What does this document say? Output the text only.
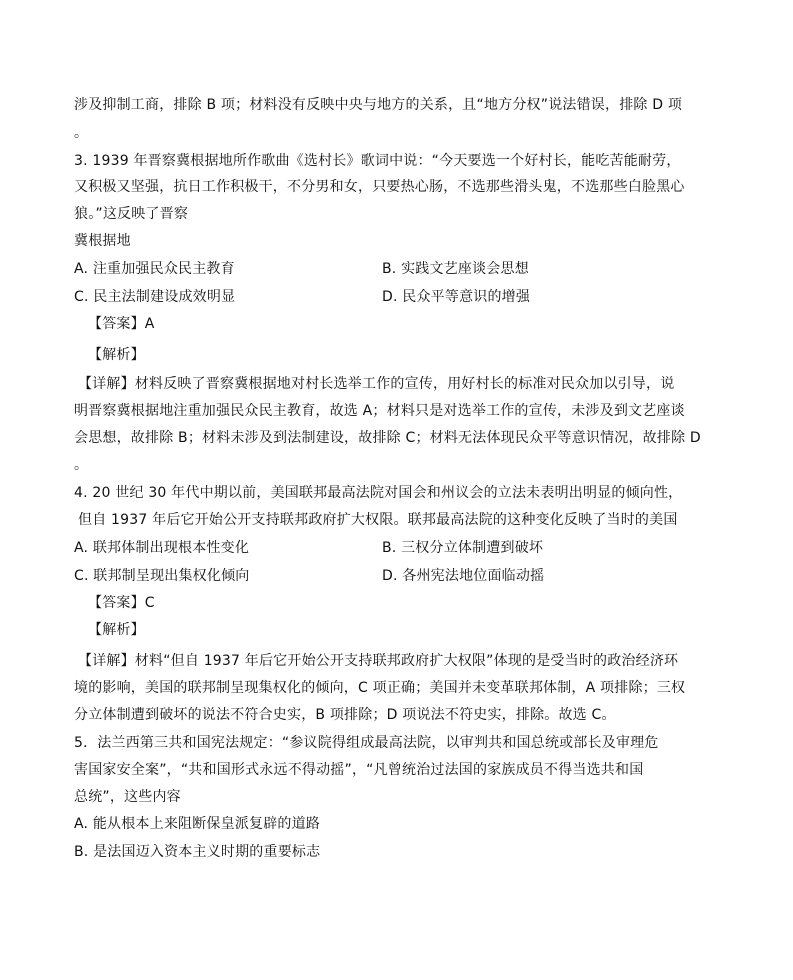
涉及抑制工商，排除 B 项；材料没有反映中央与地方的关系，且“地方分权”说法错误，排除 D 项
。
3. 1939 年晋察冀根据地所作歌曲《选村长》歌词中说：“今天要选一个好村长，能吃苦能耐劳，
又积极又坚强，抗日工作积极干，不分男和女，只要热心肠，不选那些滑头鬼，不选那些白脸黑心
狼。”这反映了晋察
冀根据地
A. 注重加强民众民主教育	B. 实践文艺座谈会思想
C. 民主法制建设成效明显	D. 民众平等意识的增强
【答案】A
【解析】
【详解】材料反映了晋察冀根据地对村长选举工作的宣传，用好村长的标准对民众加以引导，说
明晋察冀根据地注重加强民众民主教育，故选 A；材料只是对选举工作的宣传，未涉及到文艺座谈
会思想，故排除 B；材料未涉及到法制建设，故排除 C；材料无法体现民众平等意识情况，故排除 D
。
4. 20 世纪 30 年代中期以前，美国联邦最高法院对国会和州议会的立法未表明出明显的倾向性，
但自 1937 年后它开始公开支持联邦政府扩大权限。联邦最高法院的这种变化反映了当时的美国
A. 联邦体制出现根本性变化	B. 三权分立体制遭到破坏
C. 联邦制呈现出集权化倾向	D. 各州宪法地位面临动摇
【答案】C
【解析】
【详解】材料“但自 1937 年后它开始公开支持联邦政府扩大权限”体现的是受当时的政治经济环
境的影响，美国的联邦制呈现集权化的倾向，C 项正确；美国并未变革联邦体制，A 项排除；三权
分立体制遭到破坏的说法不符合史实，B 项排除；D 项说法不符史实，排除。故选 C。
5．法兰西第三共和国宪法规定：“参议院得组成最高法院，以审判共和国总统或部长及审理危
害国家安全案”，“共和国形式永远不得动摇”，“凡曾统治过法国的家族成员不得当选共和国
总统”，这些内容
A. 能从根本上来阻断保皇派复辟的道路
B. 是法国迈入资本主义时期的重要标志
